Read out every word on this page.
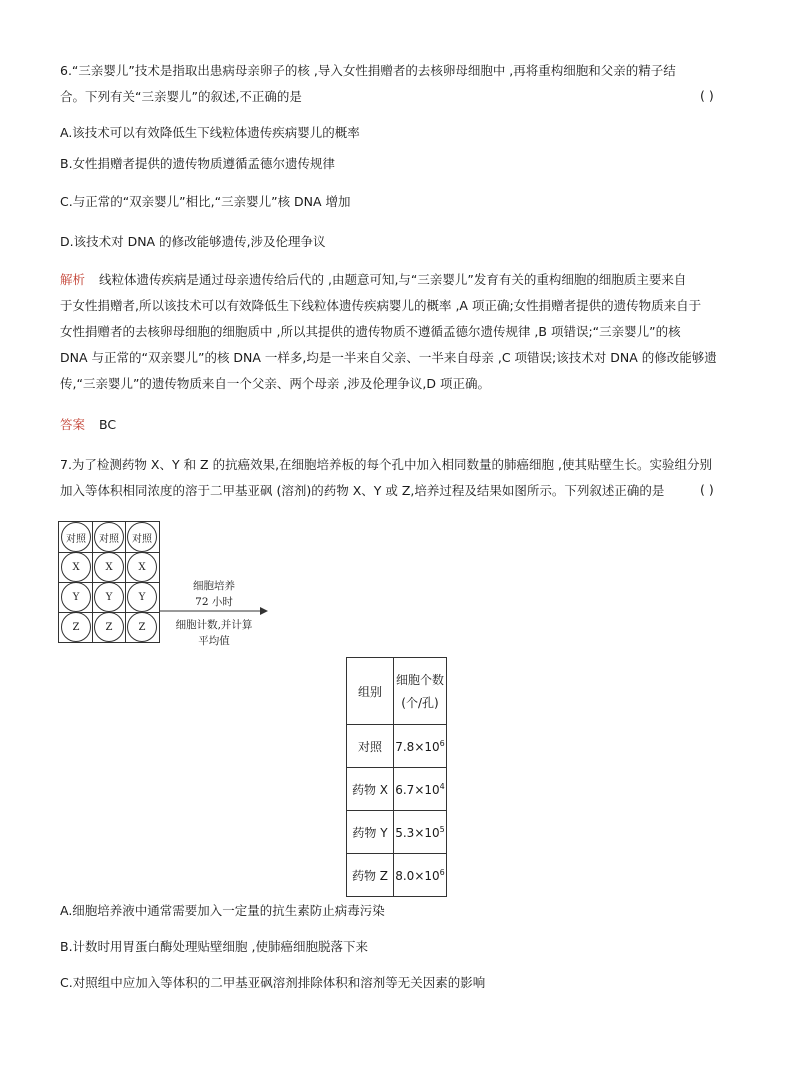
6.“三亲婴儿”技术是指取出患病母亲卵子的核 ,导入女性捐赠者的去核卵母细胞中 ,再将重构细胞和父亲的精子结
合。下列有关“三亲婴儿”的叙述,不正确的是	( )
A.该技术可以有效降低生下线粒体遗传疾病婴儿的概率
B.女性捐赠者提供的遗传物质遵循孟德尔遗传规律
C.与正常的“双亲婴儿”相比,“三亲婴儿”核 DNA 增加
D.该技术对 DNA 的修改能够遗传,涉及伦理争议
解析 线粒体遗传疾病是通过母亲遗传给后代的 ,由题意可知,与“三亲婴儿”发育有关的重构细胞的细胞质主要来自
于女性捐赠者,所以该技术可以有效降低生下线粒体遗传疾病婴儿的概率 ,A 项正确;女性捐赠者提供的遗传物质来自于
女性捐赠者的去核卵母细胞的细胞质中 ,所以其提供的遗传物质不遵循孟德尔遗传规律 ,B 项错误;“三亲婴儿”的核
DNA 与正常的“双亲婴儿”的核 DNA 一样多,均是一半来自父亲、一半来自母亲 ,C 项错误;该技术对 DNA 的修改能够遗
传,“三亲婴儿”的遗传物质来自一个父亲、两个母亲 ,涉及伦理争议,D 项正确。
答案 BC
7.为了检测药物 X、Y 和 Z 的抗癌效果,在细胞培养板的每个孔中加入相同数量的肺癌细胞 ,使其贴壁生长。实验组分别
加入等体积相同浓度的溶于二甲基亚砜 (溶剂)的药物 X、Y 或 Z,培养过程及结果如图所示。下列叙述正确的是	( )
对照	对照	对照
X	X	X
Y	Y	Y
Z	Z	Z
细胞培养
72 小时
细胞计数,并计算
平均值
组别	细胞个数
(个/孔)

对照	$7.8\times 10^6$
药物 X	$6.7\times 10^4$
药物 Y	$5.3\times 10^5$
药物 Z	$8.0\times 10^6$
A.细胞培养液中通常需要加入一定量的抗生素防止病毒污染
B.计数时用胃蛋白酶处理贴壁细胞 ,使肺癌细胞脱落下来
C.对照组中应加入等体积的二甲基亚砜溶剂排除体积和溶剂等无关因素的影响
